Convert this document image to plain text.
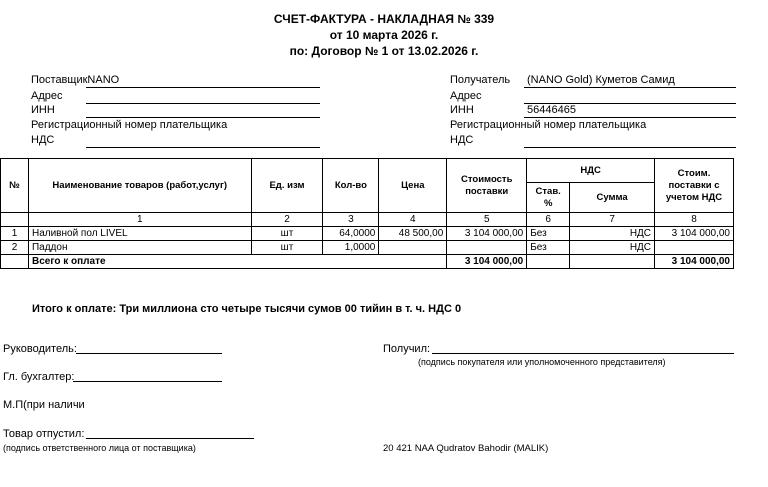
СЧЕТ-ФАКТУРА - НАКЛАДНАЯ № 339
от 10 марта 2026 г.
по: Договор № 1 от 13.02.2026 г.
ПоставщикNANO
Адрес
ИНН
Регистрационный номер плательщика
НДС
Получатель (NANO Gold) Куметов Самид
Адрес
ИНН	56446465
Регистрационный номер плательщика
НДС
№	Наименование товаров (работ,услуг)	Ед. изм	Кол-во	Цена	Стоимость поставки	НДС		Стоим. поставки с учетом НДС
						Став. %	Сумма	
	1	2	3	4	5	6	7	8
1	Наливной пол LIVEL	шт	64,0000	48 500,00	3 104 000,00	Без	НДС	3 104 000,00
2	Паддон	шт	1,0000			Без	НДС	
	Всего к оплате				3 104 000,00			3 104 000,00
Итого к оплате: Три миллиона сто четыре тысячи сумов 00 тийин в т. ч. НДС 0
Руководитель:
Гл. бухгалтер:
М.П(при наличи
Товар отпустил:
(подпись ответственного лица от поставщика)
Получил:
(подпись покупателя или уполномоченного представителя)
20 421 NAA Qudratov Bahodir (MALIK)
